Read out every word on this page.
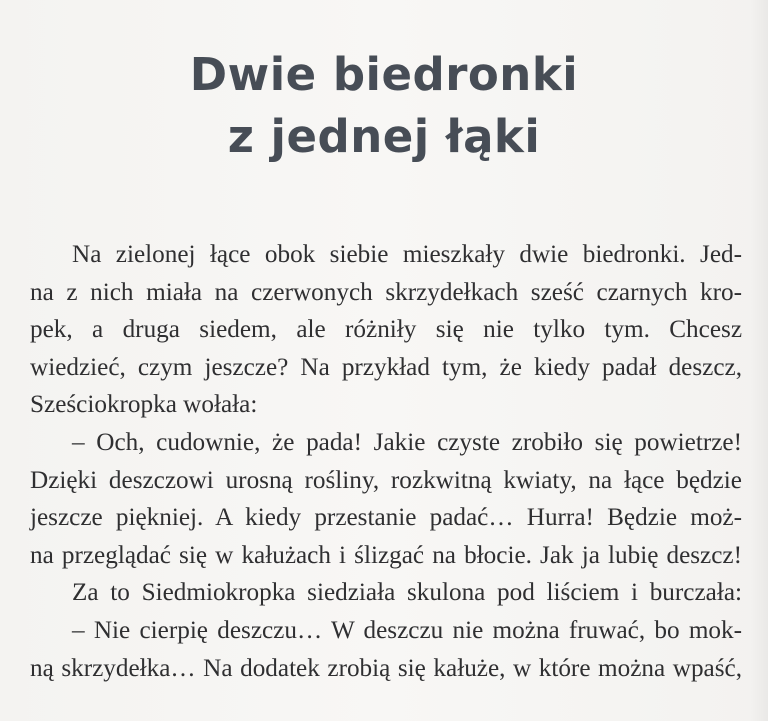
Dwie biedronki
z jednej łąki
Na zielonej łące obok siebie mieszkały dwie biedronki. Jed-
na z nich miała na czerwonych skrzydełkach sześć czarnych kro-
pek, a druga siedem, ale różniły się nie tylko tym. Chcesz
wiedzieć, czym jeszcze? Na przykład tym, że kiedy padał deszcz,
Sześciokropka wołała:
– Och, cudownie, że pada! Jakie czyste zrobiło się powietrze!
Dzięki deszczowi urosną rośliny, rozkwitną kwiaty, na łące będzie
jeszcze piękniej. A kiedy przestanie padać… Hurra! Będzie moż-
na przeglądać się w kałużach i ślizgać na błocie. Jak ja lubię deszcz!
Za to Siedmiokropka siedziała skulona pod liściem i burczała:
– Nie cierpię deszczu… W deszczu nie można fruwać, bo mok-
ną skrzydełka… Na dodatek zrobią się kałuże, w które można wpaść,
